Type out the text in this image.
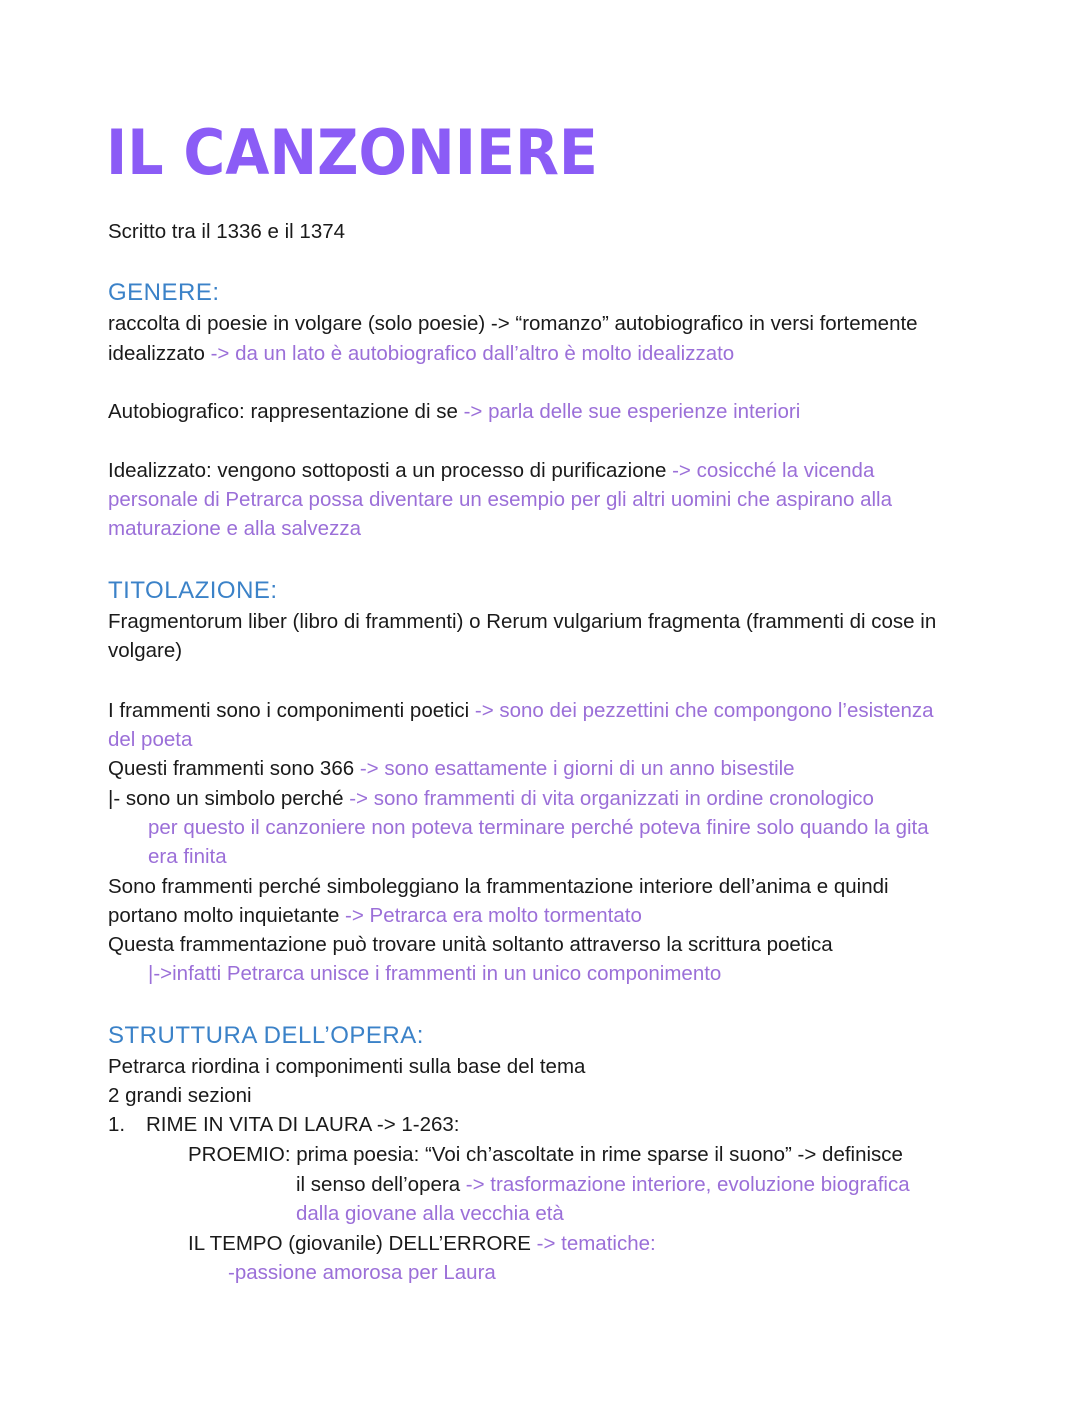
IL CANZONIERE
Scritto tra il 1336 e il 1374
GENERE:
raccolta di poesie in volgare (solo poesie) -> “romanzo” autobiografico in versi fortemente
idealizzato -> da un lato è autobiografico dall’altro è molto idealizzato
Autobiografico: rappresentazione di se -> parla delle sue esperienze interiori
Idealizzato: vengono sottoposti a un processo di purificazione -> cosicché la vicenda
personale di Petrarca possa diventare un esempio per gli altri uomini che aspirano alla
maturazione e alla salvezza
TITOLAZIONE:
Fragmentorum liber (libro di frammenti) o Rerum vulgarium fragmenta (frammenti di cose in
volgare)
I frammenti sono i componimenti poetici -> sono dei pezzettini che compongono l’esistenza
del poeta
Questi frammenti sono 366 -> sono esattamente i giorni di un anno bisestile
|- sono un simbolo perché -> sono frammenti di vita organizzati in ordine cronologico
per questo il canzoniere non poteva terminare perché poteva finire solo quando la gita
era finita
Sono frammenti perché simboleggiano la frammentazione interiore dell’anima e quindi
portano molto inquietante -> Petrarca era molto tormentato
Questa frammentazione può trovare unità soltanto attraverso la scrittura poetica
|->infatti Petrarca unisce i frammenti in un unico componimento
STRUTTURA DELL’OPERA:
Petrarca riordina i componimenti sulla base del tema
2 grandi sezioni
1. RIME IN VITA DI LAURA -> 1-263:
PROEMIO: prima poesia: “Voi ch’ascoltate in rime sparse il suono” -> definisce
il senso dell’opera -> trasformazione interiore, evoluzione biografica
dalla giovane alla vecchia età
IL TEMPO (giovanile) DELL’ERRORE -> tematiche:
-passione amorosa per Laura
